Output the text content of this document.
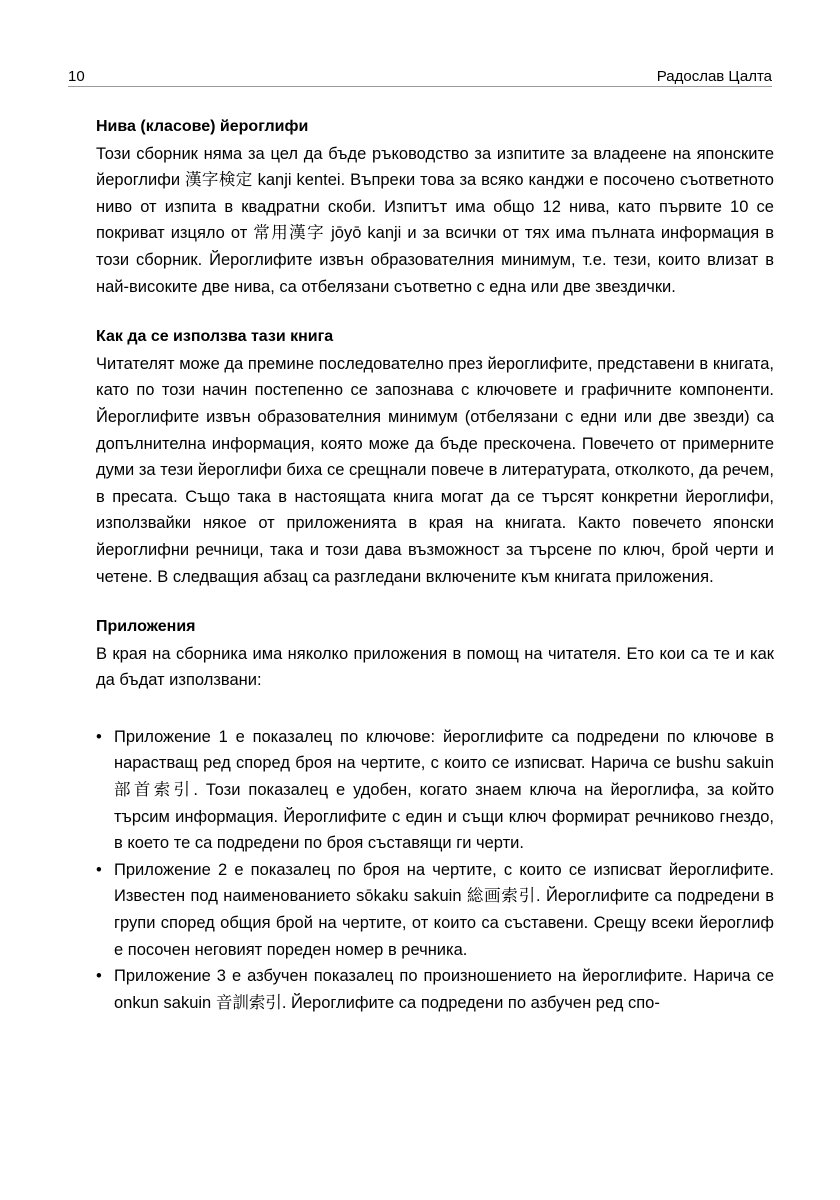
10	Радослав Цалта
Нива (класове) йероглифи

Този сборник няма за цел да бъде ръководство за изпитите за владеене на японските йероглифи 漢字検定 kanji kentei. Въпреки това за всяко канджи е посочено съответното ниво от изпита в квадратни скоби. Изпитът има общо 12 нива, като първите 10 се покриват изцяло от 常用漢字 jōyō kanji и за всички от тях има пълната информация в този сборник. Йероглифите извън образователния минимум, т.е. тези, които влизат в най-високите две нива, са отбелязани съответно с една или две звездички.

Как да се използва тази книга

Читателят може да премине последователно през йероглифите, представени в книгата, като по този начин постепенно се запознава с ключовете и графичните компоненти. Йероглифите извън образователния минимум (отбелязани с едни или две звезди) са допълнителна информация, която може да бъде прескочена. Повечето от примерните думи за тези йероглифи биха се срещнали повече в литературата, отколкото, да речем, в пресата. Също така в настоящата книга могат да се търсят конкретни йероглифи, използвайки някое от приложенията в края на книгата. Както повечето японски йероглифни речници, така и този дава възможност за търсене по ключ, брой черти и четене. В следващия абзац са разгледани включените към книгата приложения.

Приложения

В края на сборника има няколко приложения в помощ на читателя. Ето кои са те и как да бъдат използвани:

• Приложение 1 е показалец по ключове: йероглифите са подредени по ключове в нарастващ ред според броя на чертите, с които се изписват. Нарича се bushu sakuin 部首索引. Този показалец е удобен, когато знаем ключа на йероглифа, за който търсим информация. Йероглифите с един и същи ключ формират речниково гнездо, в което те са подредени по броя съставящи ги черти.
• Приложение 2 е показалец по броя на чертите, с които се изписват йероглифите. Известен под наименованието sōkaku sakuin 総画索引. Йероглифите са подредени в групи според общия брой на чертите, от които са съставени. Срещу всеки йероглиф е посочен неговият пореден номер в речника.
• Приложение 3 е азбучен показалец по произношението на йероглифите. Нарича се onkun sakuin 音訓索引. Йероглифите са подредени по азбучен ред спо-
